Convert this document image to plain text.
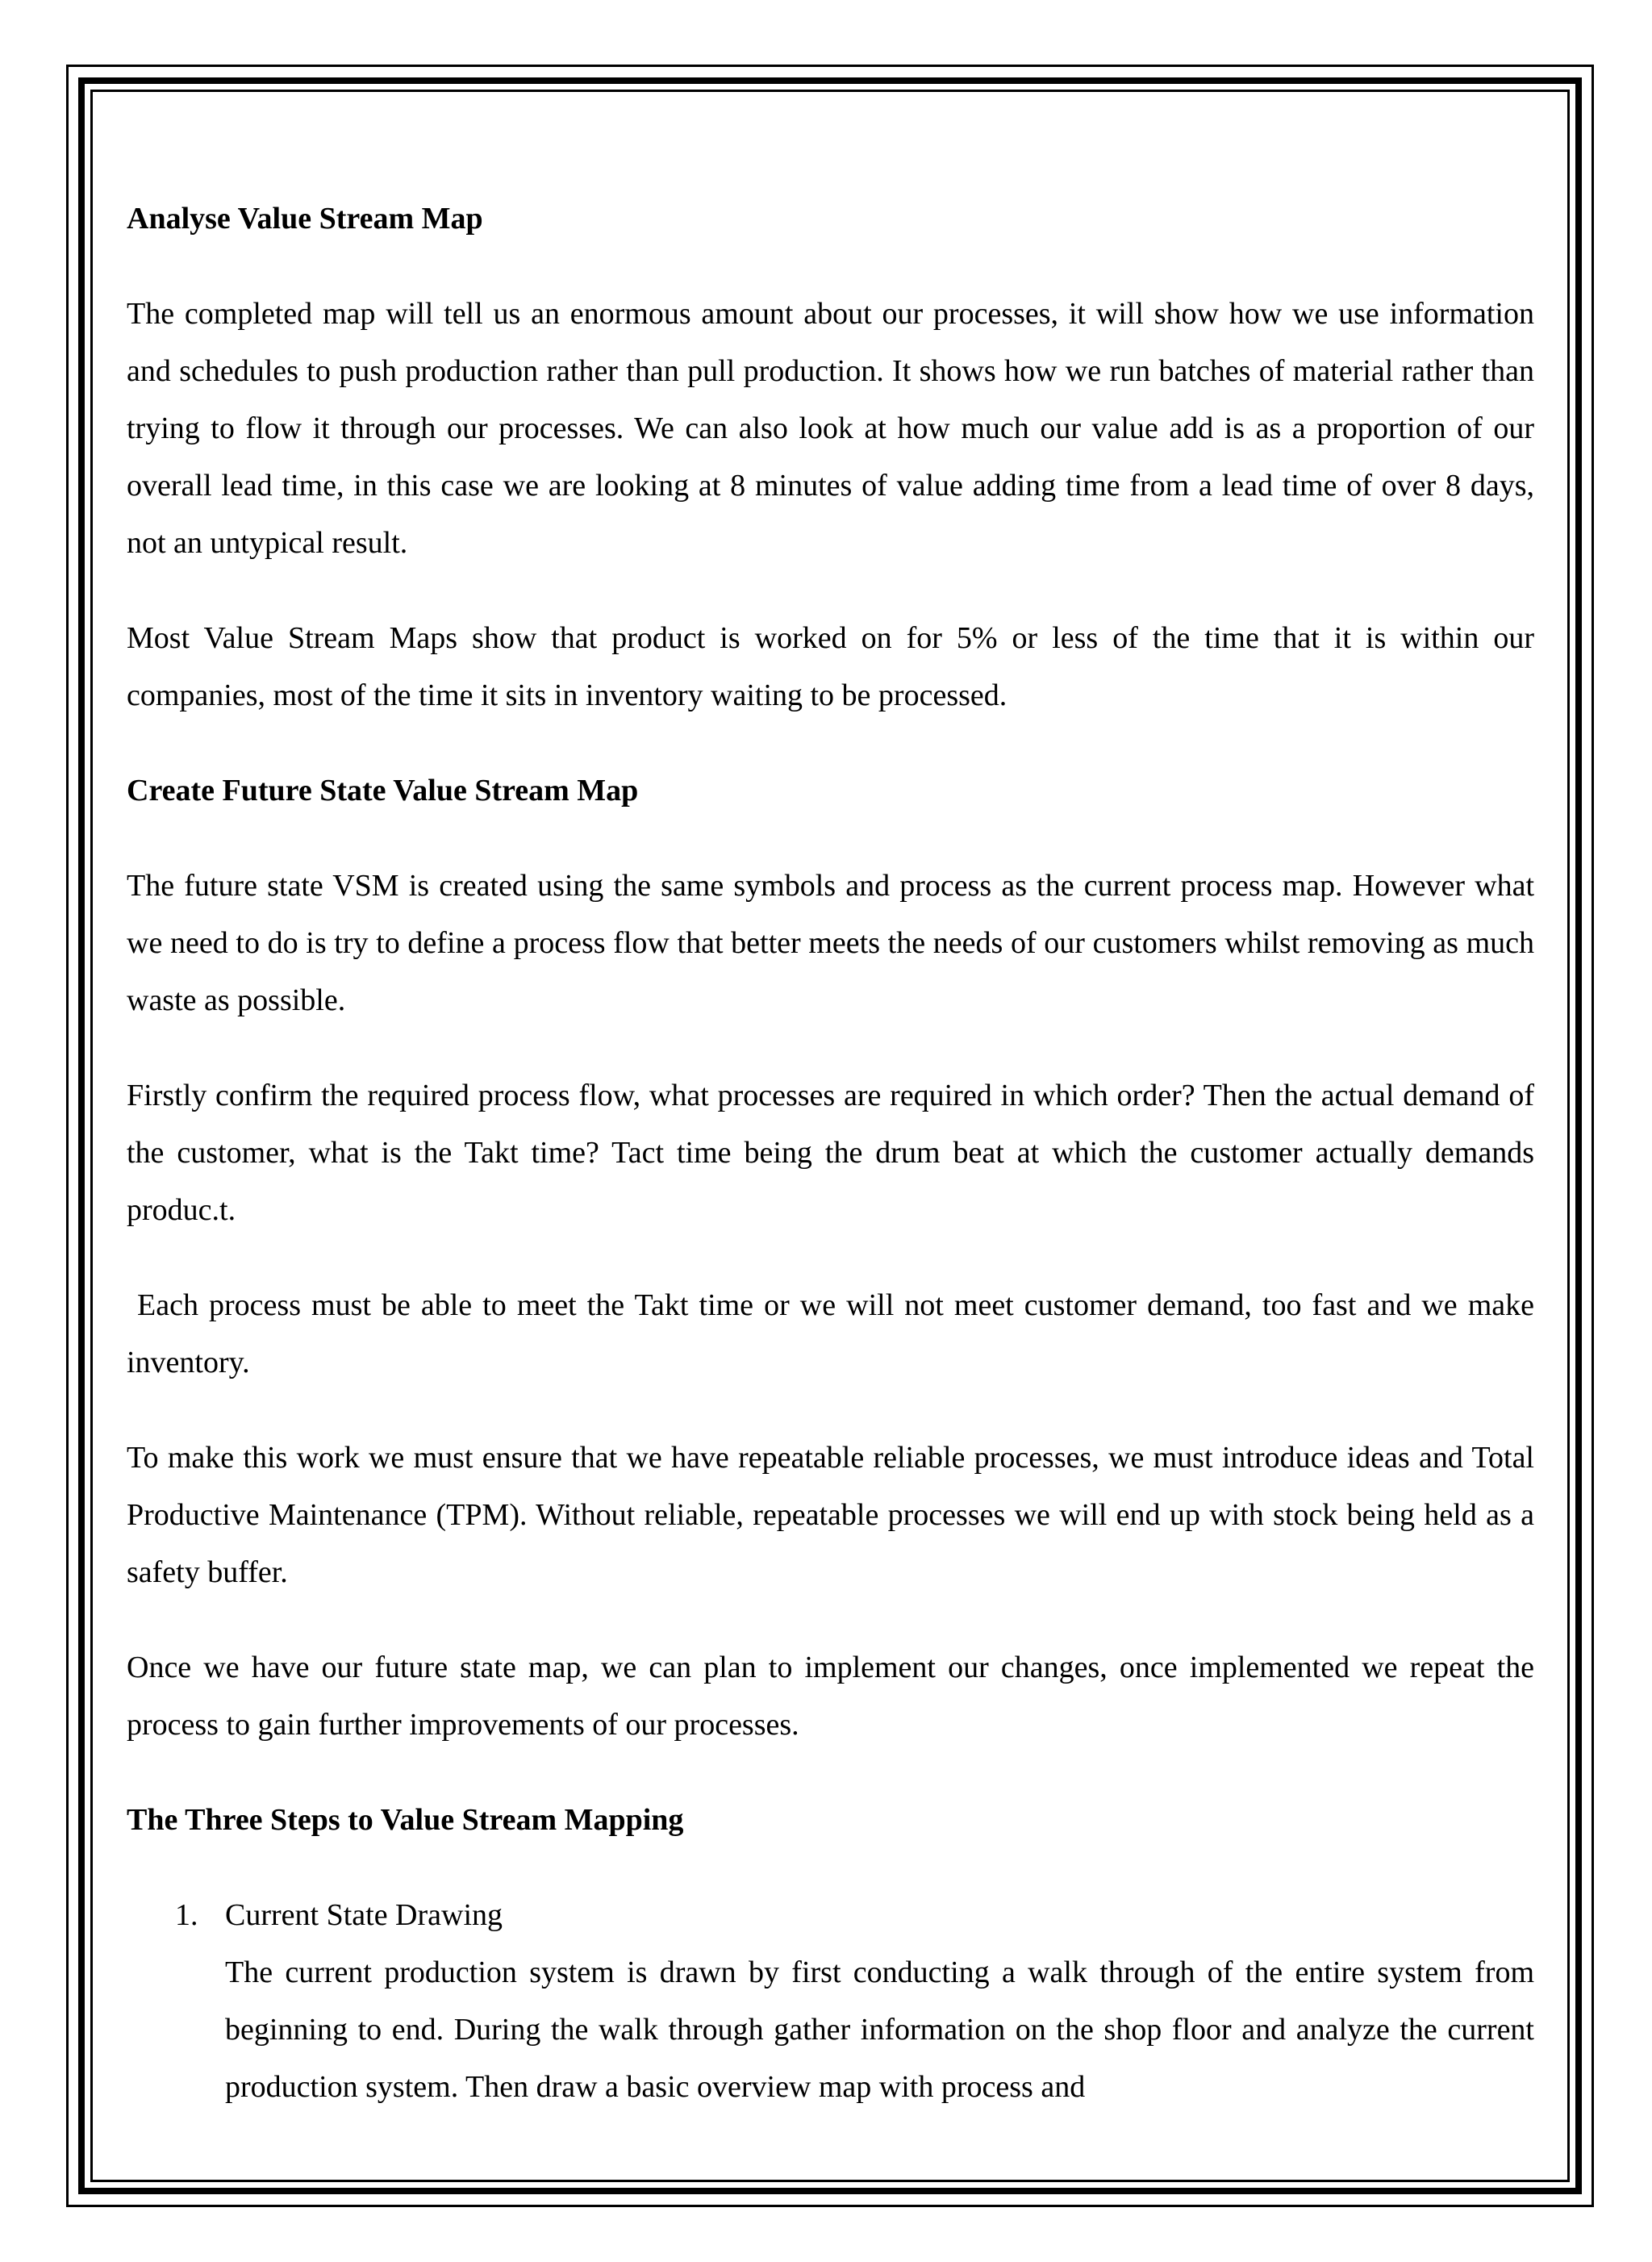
Analyse Value Stream Map
The completed map will tell us an enormous amount about our processes, it will show how we use information and schedules to push production rather than pull production. It shows how we run batches of material rather than trying to flow it through our processes. We can also look at how much our value add is as a proportion of our overall lead time, in this case we are looking at 8 minutes of value adding time from a lead time of over 8 days, not an untypical result.
Most Value Stream Maps show that product is worked on for 5% or less of the time that it is within our companies, most of the time it sits in inventory waiting to be processed.
Create Future State Value Stream Map
The future state VSM is created using the same symbols and process as the current process map. However what we need to do is try to define a process flow that better meets the needs of our customers whilst removing as much waste as possible.
Firstly confirm the required process flow, what processes are required in which order? Then the actual demand of the customer, what is the Takt time? Tact time being the drum beat at which the customer actually demands produc.t.
Each process must be able to meet the Takt time or we will not meet customer demand, too fast and we make inventory.
To make this work we must ensure that we have repeatable reliable processes, we must introduce ideas and Total Productive Maintenance (TPM). Without reliable, repeatable processes we will end up with stock being held as a safety buffer.
Once we have our future state map, we can plan to implement our changes, once implemented we repeat the process to gain further improvements of our processes.
The Three Steps to Value Stream Mapping
1. Current State Drawing
The current production system is drawn by first conducting a walk through of the entire system from beginning to end. During the walk through gather information on the shop floor and analyze the current production system. Then draw a basic overview map with process and
